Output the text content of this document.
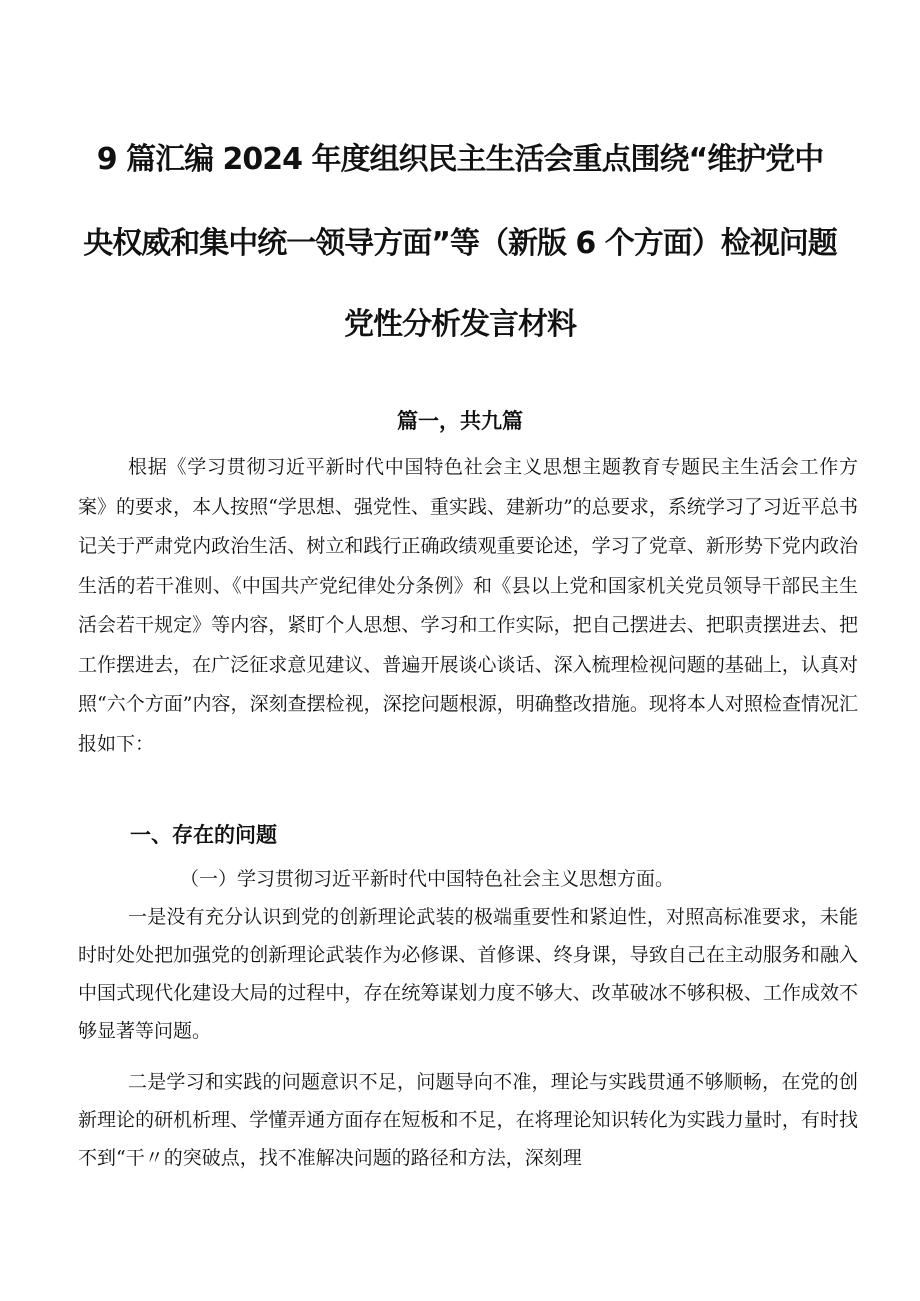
9 篇汇编 2024 年度组织民主生活会重点围绕“维护党中
央权威和集中统一领导方面”等（新版 6 个方面）检视问题
党性分析发言材料
篇一，共九篇
根据《学习贯彻习近平新时代中国特色社会主义思想主题教育专题民主生活会工作方案》的要求，本人按照“学思想、强党性、重实践、建新功”的总要求，系统学习了习近平总书记关于严肃党内政治生活、树立和践行正确政绩观重要论述，学习了党章、新形势下党内政治生活的若干准则、《中国共产党纪律处分条例》和《县以上党和国家机关党员领导干部民主生活会若干规定》等内容，紧盯个人思想、学习和工作实际，把自己摆进去、把职责摆进去、把工作摆进去，在广泛征求意见建议、普遍开展谈心谈话、深入梳理检视问题的基础上，认真对照“六个方面”内容，深刻查摆检视，深挖问题根源，明确整改措施。现将本人对照检查情况汇报如下：
一、存在的问题
（一）学习贯彻习近平新时代中国特色社会主义思想方面。
一是没有充分认识到党的创新理论武装的极端重要性和紧迫性，对照高标准要求，未能时时处处把加强党的创新理论武装作为必修课、首修课、终身课，导致自己在主动服务和融入中国式现代化建设大局的过程中，存在统筹谋划力度不够大、改革破冰不够积极、工作成效不够显著等问题。
二是学习和实践的问题意识不足，问题导向不准，理论与实践贯通不够顺畅，在党的创新理论的研机析理、学懂弄通方面存在短板和不足，在将理论知识转化为实践力量时，有时找不到“干〃的突破点，找不准解决问题的路径和方法，深刻理
